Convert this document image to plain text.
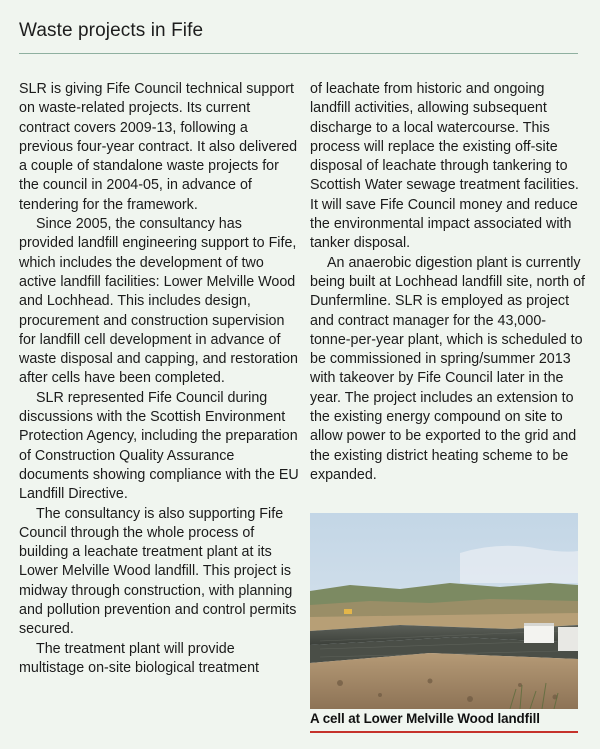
Waste projects in Fife

SLR is giving Fife Council technical support on waste-related projects. Its current contract covers 2009-13, following a previous four-year contract. It also delivered a couple of standalone waste projects for the council in 2004-05, in advance of tendering for the framework.

Since 2005, the consultancy has provided landfill engineering support to Fife, which includes the development of two active landfill facilities: Lower Melville Wood and Lochhead. This includes design, procurement and construction supervision for landfill cell development in advance of waste disposal and capping, and restoration after cells have been completed.

SLR represented Fife Council during discussions with the Scottish Environment Protection Agency, including the preparation of Construction Quality Assurance documents showing compliance with the EU Landfill Directive.

The consultancy is also supporting Fife Council through the whole process of building a leachate treatment plant at its Lower Melville Wood landfill. This project is midway through construction, with planning and pollution prevention and control permits secured.

The treatment plant will provide multistage on-site biological treatment

of leachate from historic and ongoing landfill activities, allowing subsequent discharge to a local watercourse. This process will replace the existing off-site disposal of leachate through tankering to Scottish Water sewage treatment facilities. It will save Fife Council money and reduce the environmental impact associated with tanker disposal.

An anaerobic digestion plant is currently being built at Lochhead landfill site, north of Dunfermline. SLR is employed as project and contract manager for the 43,000-tonne-per-year plant, which is scheduled to be commissioned in spring/summer 2013 with takeover by Fife Council later in the year. The project includes an extension to the existing energy compound on site to allow power to be exported to the grid and the existing district heating scheme to be expanded.

A cell at Lower Melville Wood landfill
